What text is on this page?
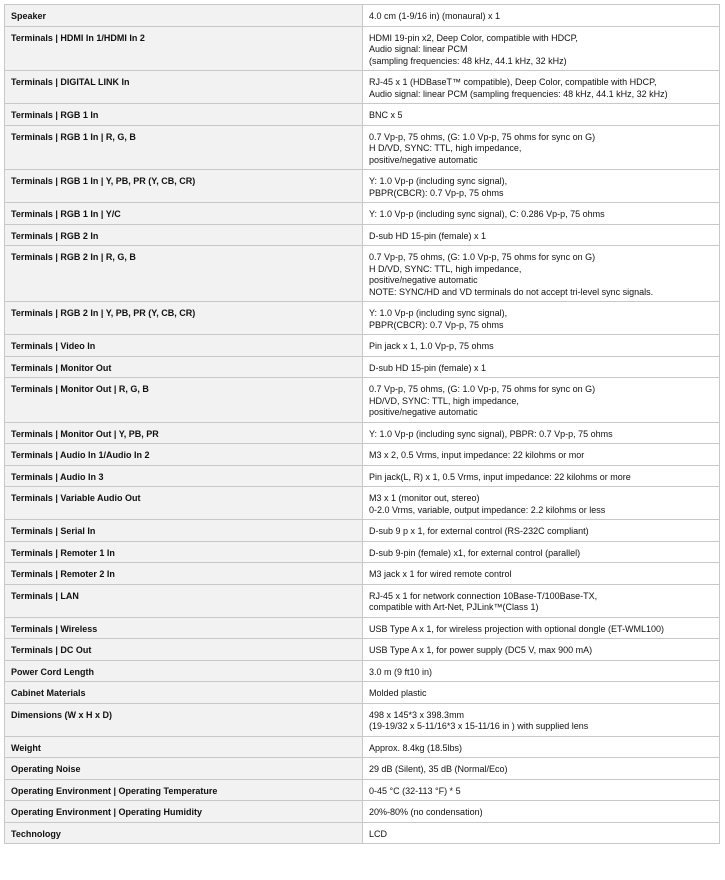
Speaker	4.0 cm (1-9/16 in) (monaural) x 1
Terminals | HDMI In 1/HDMI In 2	HDMI 19-pin x2, Deep Color, compatible with HDCP,
Audio signal: linear PCM
(sampling frequencies: 48 kHz, 44.1 kHz, 32 kHz)
Terminals | DIGITAL LINK In	RJ-45 x 1 (HDBaseT™ compatible), Deep Color, compatible with HDCP,
Audio signal: linear PCM (sampling frequencies: 48 kHz, 44.1 kHz, 32 kHz)
Terminals | RGB 1 In	BNC x 5
Terminals | RGB 1 In | R, G, B	0.7 Vp-p, 75 ohms, (G: 1.0 Vp-p, 75 ohms for sync on G)
H D/VD, SYNC: TTL, high impedance,
positive/negative automatic
Terminals | RGB 1 In | Y, PB, PR (Y, CB, CR)	Y: 1.0 Vp-p (including sync signal),
PBPR(CBCR): 0.7 Vp-p, 75 ohms
Terminals | RGB 1 In | Y/C	Y: 1.0 Vp-p (including sync signal), C: 0.286 Vp-p, 75 ohms
Terminals | RGB 2 In	D-sub HD 15-pin (female) x 1
Terminals | RGB 2 In | R, G, B	0.7 Vp-p, 75 ohms, (G: 1.0 Vp-p, 75 ohms for sync on G)
H D/VD, SYNC: TTL, high impedance,
positive/negative automatic
NOTE: SYNC/HD and VD terminals do not accept tri-level sync signals.
Terminals | RGB 2 In | Y, PB, PR (Y, CB, CR)	Y: 1.0 Vp-p (including sync signal),
PBPR(CBCR): 0.7 Vp-p, 75 ohms
Terminals | Video In	Pin jack x 1, 1.0 Vp-p, 75 ohms
Terminals | Monitor Out	D-sub HD 15-pin (female) x 1
Terminals | Monitor Out | R, G, B	0.7 Vp-p, 75 ohms, (G: 1.0 Vp-p, 75 ohms for sync on G)
HD/VD, SYNC: TTL, high impedance,
positive/negative automatic
Terminals | Monitor Out | Y, PB, PR	Y: 1.0 Vp-p (including sync signal), PBPR: 0.7 Vp-p, 75 ohms
Terminals | Audio In 1/Audio In 2	M3 x 2, 0.5 Vrms, input impedance: 22 kilohms or mor
Terminals | Audio In 3	Pin jack(L, R) x 1, 0.5 Vrms, input impedance: 22 kilohms or more
Terminals | Variable Audio Out	M3 x 1 (monitor out, stereo)
0-2.0 Vrms, variable, output impedance: 2.2 kilohms or less
Terminals | Serial In	D-sub 9 p x 1, for external control (RS-232C compliant)
Terminals | Remoter 1 In	D-sub 9-pin (female) x1, for external control (parallel)
Terminals | Remoter 2 In	M3 jack x 1 for wired remote control
Terminals | LAN	RJ-45 x 1 for network connection 10Base-T/100Base-TX,
compatible with Art-Net, PJLink™(Class 1)
Terminals | Wireless	USB Type A x 1, for wireless projection with optional dongle (ET-WML100)
Terminals | DC Out	USB Type A x 1, for power supply (DC5 V, max 900 mA)
Power Cord Length	3.0 m (9 ft10 in)
Cabinet Materials	Molded plastic
Dimensions (W x H x D)	498 x 145*3 x 398.3mm
(19-19/32 x 5-11/16*3 x 15-11/16 in ) with supplied lens
Weight	Approx. 8.4kg (18.5lbs)
Operating Noise	29 dB (Silent), 35 dB (Normal/Eco)
Operating Environment | Operating Temperature	0-45 °C (32-113 °F) * 5
Operating Environment | Operating Humidity	20%-80% (no condensation)
Technology	LCD
